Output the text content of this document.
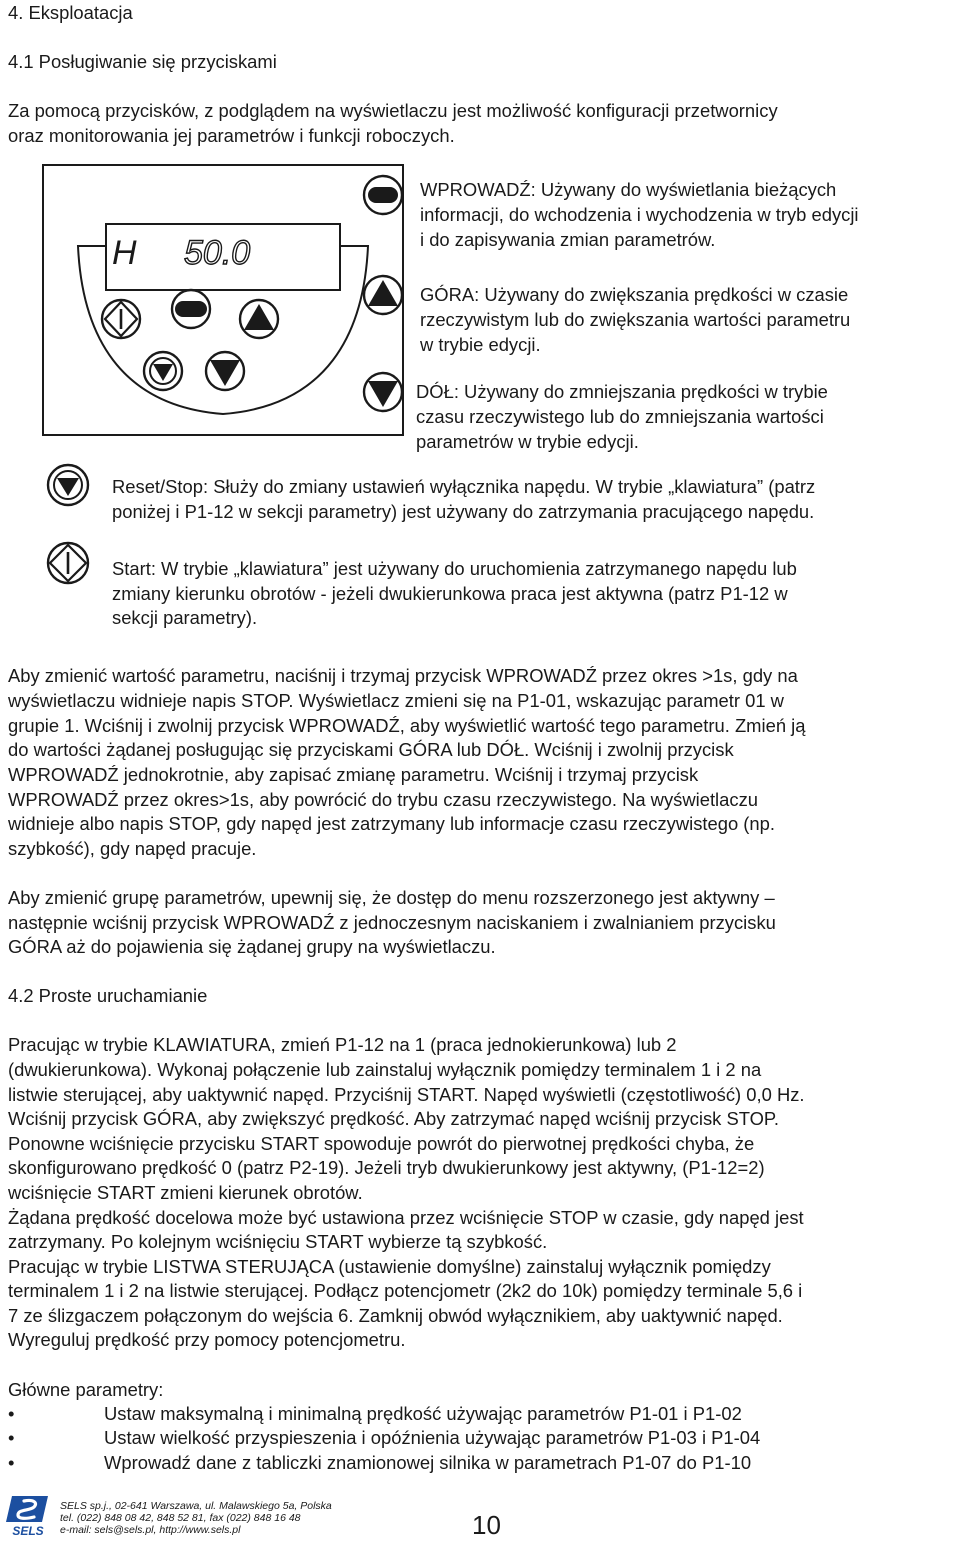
4. Eksploatacja
4.1 Posługiwanie się przyciskami
Za pomocą przycisków, z podglądem na wyświetlaczu jest możliwość konfiguracji przetwornicy
oraz monitorowania jej parametrów i funkcji roboczych.
H 50.0
WPROWADŹ: Używany do wyświetlania bieżących
informacji, do wchodzenia i wychodzenia w tryb edycji
i do zapisywania zmian parametrów.
GÓRA: Używany do zwiększania prędkości w czasie
rzeczywistym lub do zwiększania wartości parametru
w trybie edycji.
DÓŁ: Używany do zmniejszania prędkości w trybie
czasu rzeczywistego lub do zmniejszania wartości
parametrów w trybie edycji.
Reset/Stop: Służy do zmiany ustawień wyłącznika napędu. W trybie „klawiatura” (patrz
poniżej i P1-12 w sekcji parametry) jest używany do zatrzymania pracującego napędu.
Start: W trybie „klawiatura” jest używany do uruchomienia zatrzymanego napędu lub
zmiany kierunku obrotów - jeżeli dwukierunkowa praca jest aktywna (patrz P1-12 w
sekcji parametry).
Aby zmienić wartość parametru, naciśnij i trzymaj przycisk WPROWADŹ przez okres >1s, gdy na
wyświetlaczu widnieje napis STOP. Wyświetlacz zmieni się na P1-01, wskazując parametr 01 w
grupie 1. Wciśnij i zwolnij przycisk WPROWADŹ, aby wyświetlić wartość tego parametru. Zmień ją
do wartości żądanej posługując się przyciskami GÓRA lub DÓŁ. Wciśnij i zwolnij przycisk
WPROWADŹ jednokrotnie, aby zapisać zmianę parametru. Wciśnij i trzymaj przycisk
WPROWADŹ przez okres>1s, aby powrócić do trybu czasu rzeczywistego. Na wyświetlaczu
widnieje albo napis STOP, gdy napęd jest zatrzymany lub informacje czasu rzeczywistego (np.
szybkość), gdy napęd pracuje.
Aby zmienić grupę parametrów, upewnij się, że dostęp do menu rozszerzonego jest aktywny –
następnie wciśnij przycisk WPROWADŹ z jednoczesnym naciskaniem i zwalnianiem przycisku
GÓRA aż do pojawienia się żądanej grupy na wyświetlaczu.
4.2 Proste uruchamianie
Pracując w trybie KLAWIATURA, zmień P1-12 na 1 (praca jednokierunkowa) lub 2
(dwukierunkowa). Wykonaj połączenie lub zainstaluj wyłącznik pomiędzy terminalem 1 i 2 na
listwie sterującej, aby uaktywnić napęd. Przyciśnij START. Napęd wyświetli (częstotliwość) 0,0 Hz.
Wciśnij przycisk GÓRA, aby zwiększyć prędkość. Aby zatrzymać napęd wciśnij przycisk STOP.
Ponowne wciśnięcie przycisku START spowoduje powrót do pierwotnej prędkości chyba, że
skonfigurowano prędkość 0 (patrz P2-19). Jeżeli tryb dwukierunkowy jest aktywny, (P1-12=2)
wciśnięcie START zmieni kierunek obrotów.
Żądana prędkość docelowa może być ustawiona przez wciśnięcie STOP w czasie, gdy napęd jest
zatrzymany. Po kolejnym wciśnięciu START wybierze tą szybkość.
Pracując w trybie LISTWA STERUJĄCA (ustawienie domyślne) zainstaluj wyłącznik pomiędzy
terminalem 1 i 2 na listwie sterującej. Podłącz potencjometr (2k2 do 10k) pomiędzy terminale 5,6 i
7 ze ślizgaczem połączonym do wejścia 6. Zamknij obwód wyłącznikiem, aby uaktywnić napęd.
Wyreguluj prędkość przy pomocy potencjometru.
Główne parametry:
•	Ustaw maksymalną i minimalną prędkość używając parametrów P1-01 i P1-02
•	Ustaw wielkość przyspieszenia i opóźnienia używając parametrów P1-03 i P1-04
•	Wprowadź dane z tabliczki znamionowej silnika w parametrach P1-07 do P1-10
SELS
SELS sp.j., 02-641 Warszawa, ul. Malawskiego 5a, Polska
tel. (022) 848 08 42, 848 52 81, fax (022) 848 16 48
e-mail: sels@sels.pl, http://www.sels.pl	10
